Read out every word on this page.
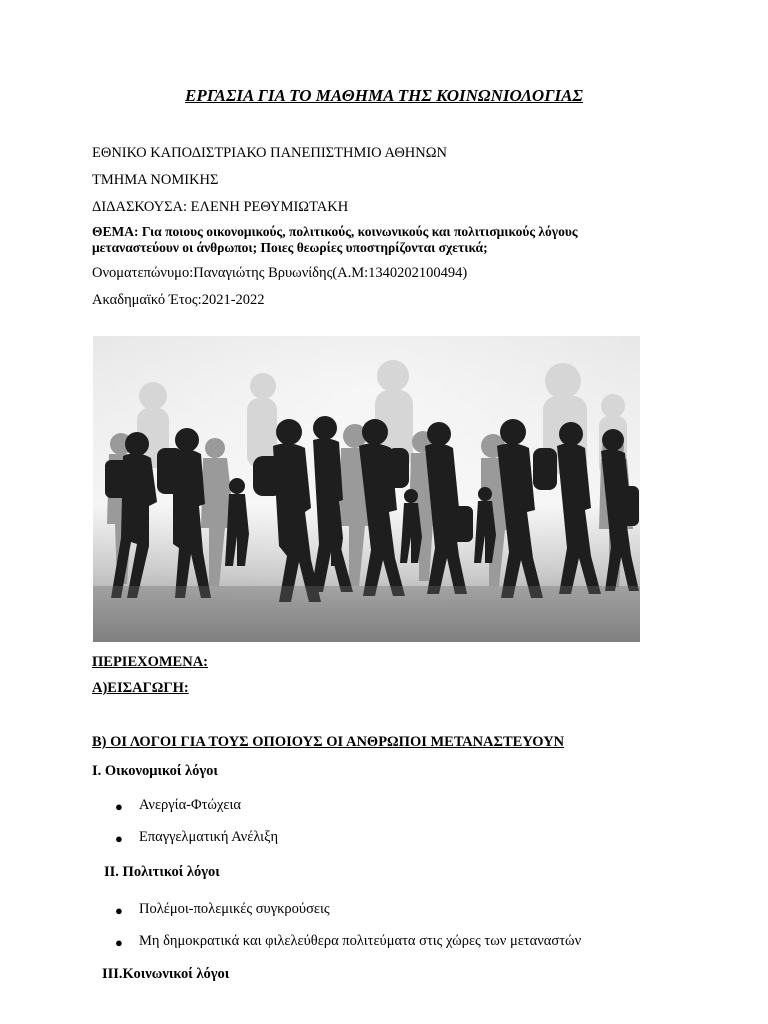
ΕΡΓΑΣΙΑ ΓΙΑ ΤΟ ΜΑΘΗΜΑ ΤΗΣ ΚΟΙΝΩΝΙΟΛΟΓΙΑΣ
ΕΘΝΙΚΟ ΚΑΠΟΔΙΣΤΡΙΑΚΟ ΠΑΝΕΠΙΣΤΗΜΙΟ ΑΘΗΝΩΝ
ΤΜΗΜΑ ΝΟΜΙΚΗΣ
ΔΙΔΑΣΚΟΥΣΑ: ΕΛΕΝΗ ΡΕΘΥΜΙΩΤΑΚΗ
ΘΕΜΑ: Για ποιους οικονομικούς, πολιτικούς, κοινωνικούς και πολιτισμικούς λόγους μεταναστεύουν οι άνθρωποι; Ποιες θεωρίες υποστηρίζονται σχετικά;
Ονοματεπώνυμο:Παναγιώτης Βρυωνίδης(Α.Μ:1340202100494)
Ακαδημαϊκό Έτος:2021-2022
ΠΕΡΙΕΧΟΜΕΝΑ:
Α)ΕΙΣΑΓΩΓΗ:
Β) ΟΙ ΛΟΓΟΙ ΓΙΑ ΤΟΥΣ ΟΠΟΙΟΥΣ ΟΙ ΑΝΘΡΩΠΟΙ ΜΕΤΑΝΑΣΤΕΥΟΥΝ
I. Οικονομικοί λόγοι
● Ανεργία-Φτώχεια
● Επαγγελματική Ανέλιξη
II. Πολιτικοί λόγοι
● Πολέμοι-πολεμικές συγκρούσεις
● Μη δημοκρατικά και φιλελεύθερα πολιτεύματα στις χώρες των μεταναστών
III.Κοινωνικοί λόγοι
